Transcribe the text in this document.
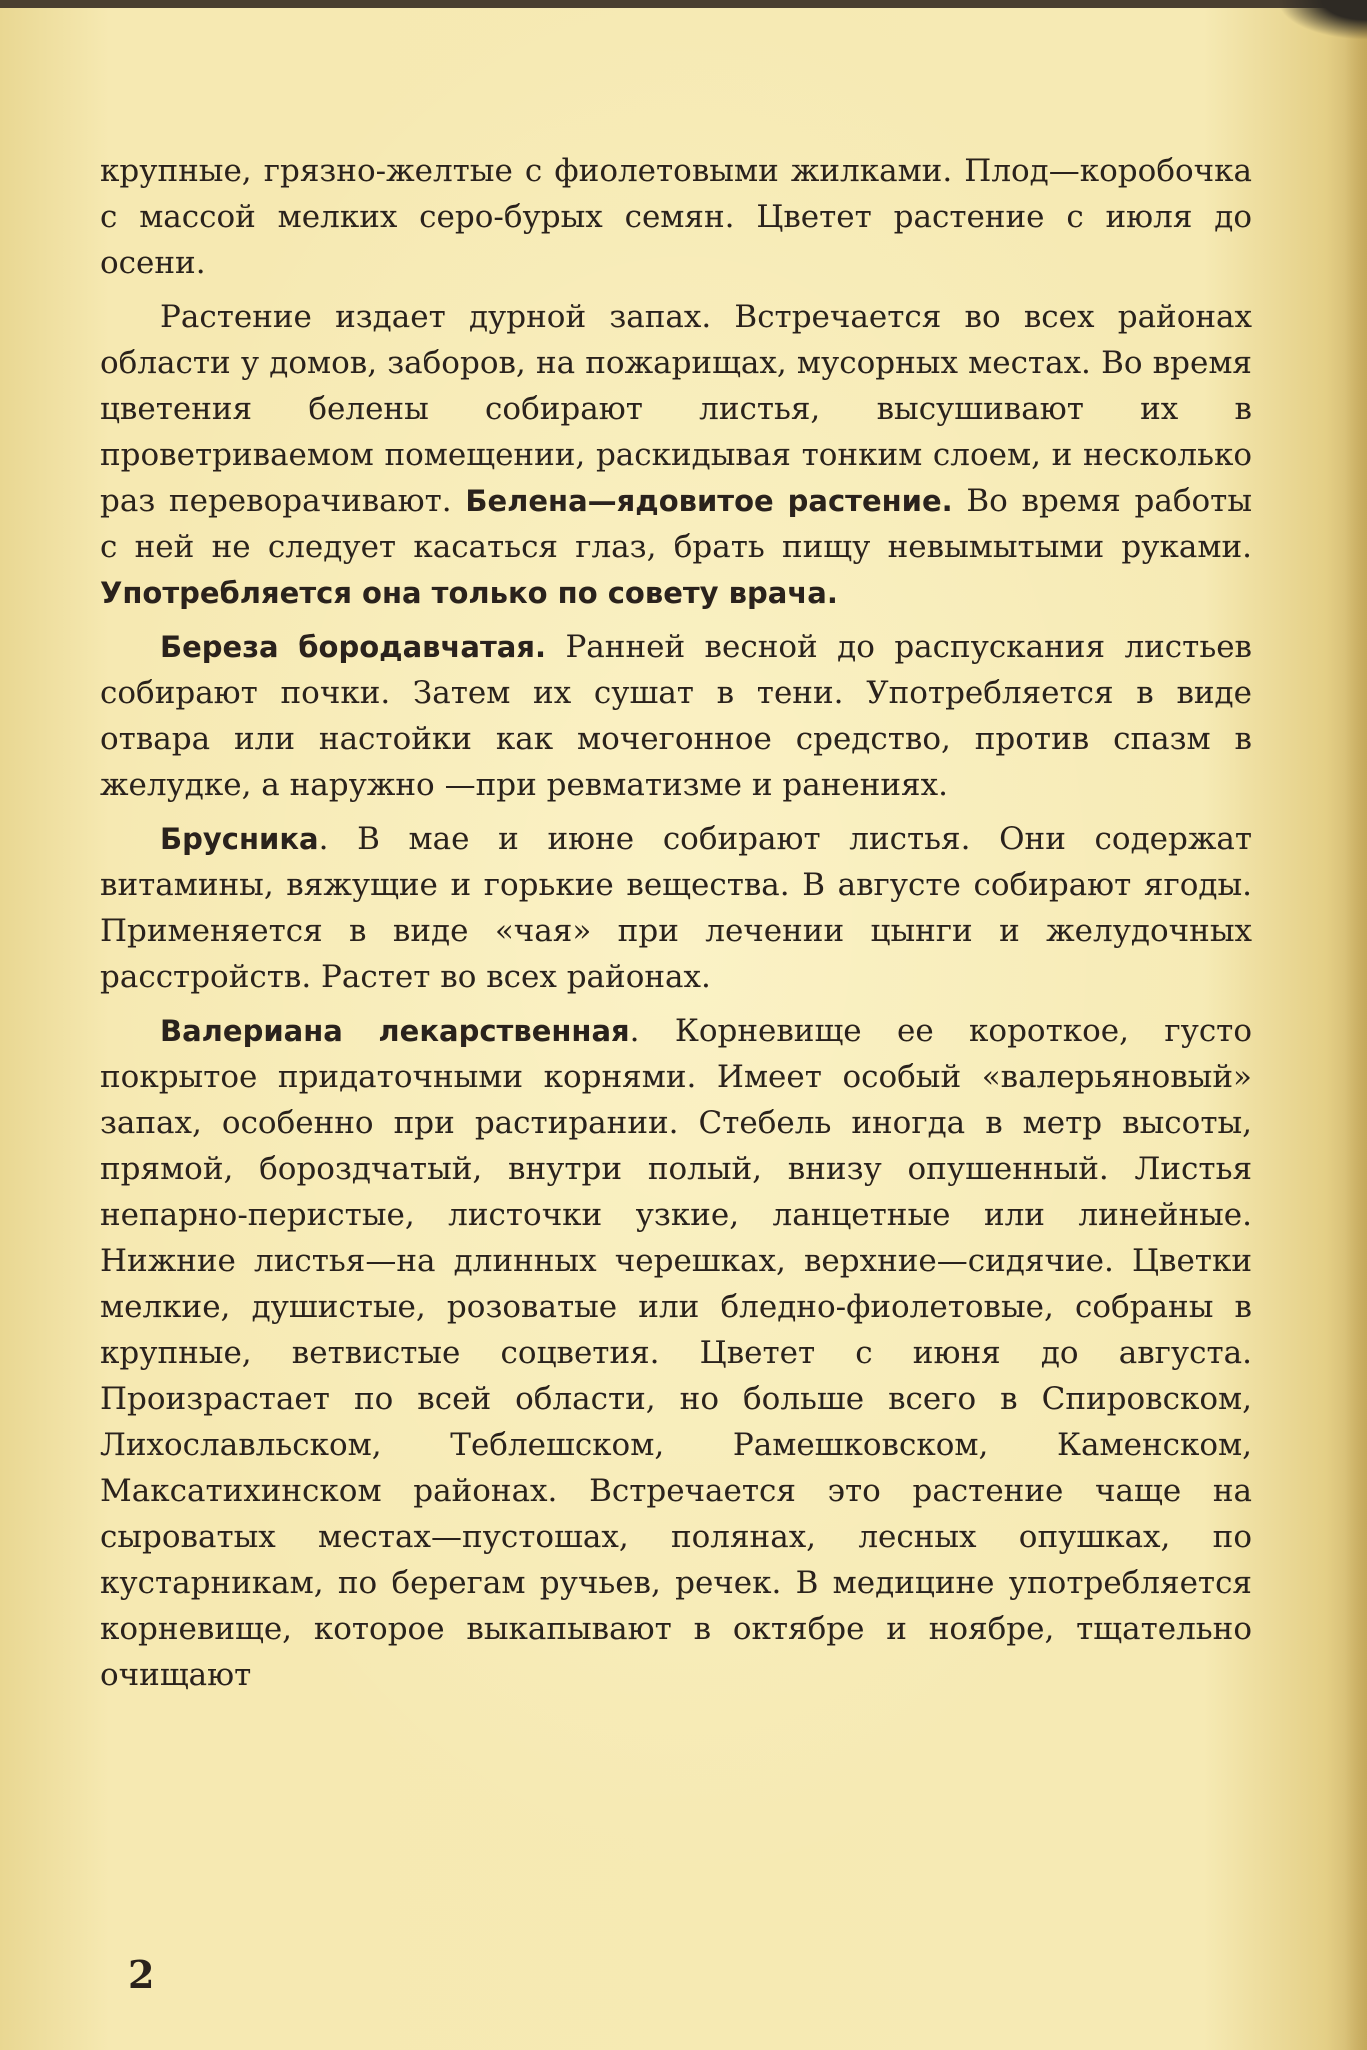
крупные, грязно-желтые с фиолетовыми жилками. Плод—коробочка с массой мелких серо-бурых семян. Цветет растение с июля до осени.

Растение издает дурной запах. Встречается во всех районах области у домов, заборов, на пожарищах, мусорных местах. Во время цветения белены собирают листья, высушивают их в проветриваемом помещении, раскидывая тонким слоем, и несколько раз переворачивают. Белена—ядовитое растение. Во время работы с ней не следует касаться глаз, брать пищу невымытыми руками. Употребляется она только по совету врача.

Береза бородавчатая. Ранней весной до распускания листьев собирают почки. Затем их сушат в тени. Употребляется в виде отвара или настойки как мочегонное средство, против спазм в желудке, а наружно —при ревматизме и ранениях.

Брусника. В мае и июне собирают листья. Они содержат витамины, вяжущие и горькие вещества. В августе собирают ягоды. Применяется в виде «чая» при лечении цынги и желудочных расстройств. Растет во всех районах.

Валериана лекарственная. Корневище ее короткое, густо покрытое придаточными корнями. Имеет особый «валерьяновый» запах, особенно при растирании. Стебель иногда в метр высоты, прямой, бороздчатый, внутри полый, внизу опушенный. Листья непарно-перистые, листочки узкие, ланцетные или линейные. Нижние листья—на длинных черешках, верхние—сидячие. Цветки мелкие, душистые, розоватые или бледно-фиолетовые, собраны в крупные, ветвистые соцветия. Цветет с июня до августа. Произрастает по всей области, но больше всего в Спировском, Лихославльском, Теблешском, Рамешковском, Каменском, Максатихинском районах. Встречается это растение чаще на сыроватых местах—пустошах, полянах, лесных опушках, по кустарникам, по берегам ручьев, речек. В медицине употребляется корневище, которое выкапывают в октябре и ноябре, тщательно очищают

2
